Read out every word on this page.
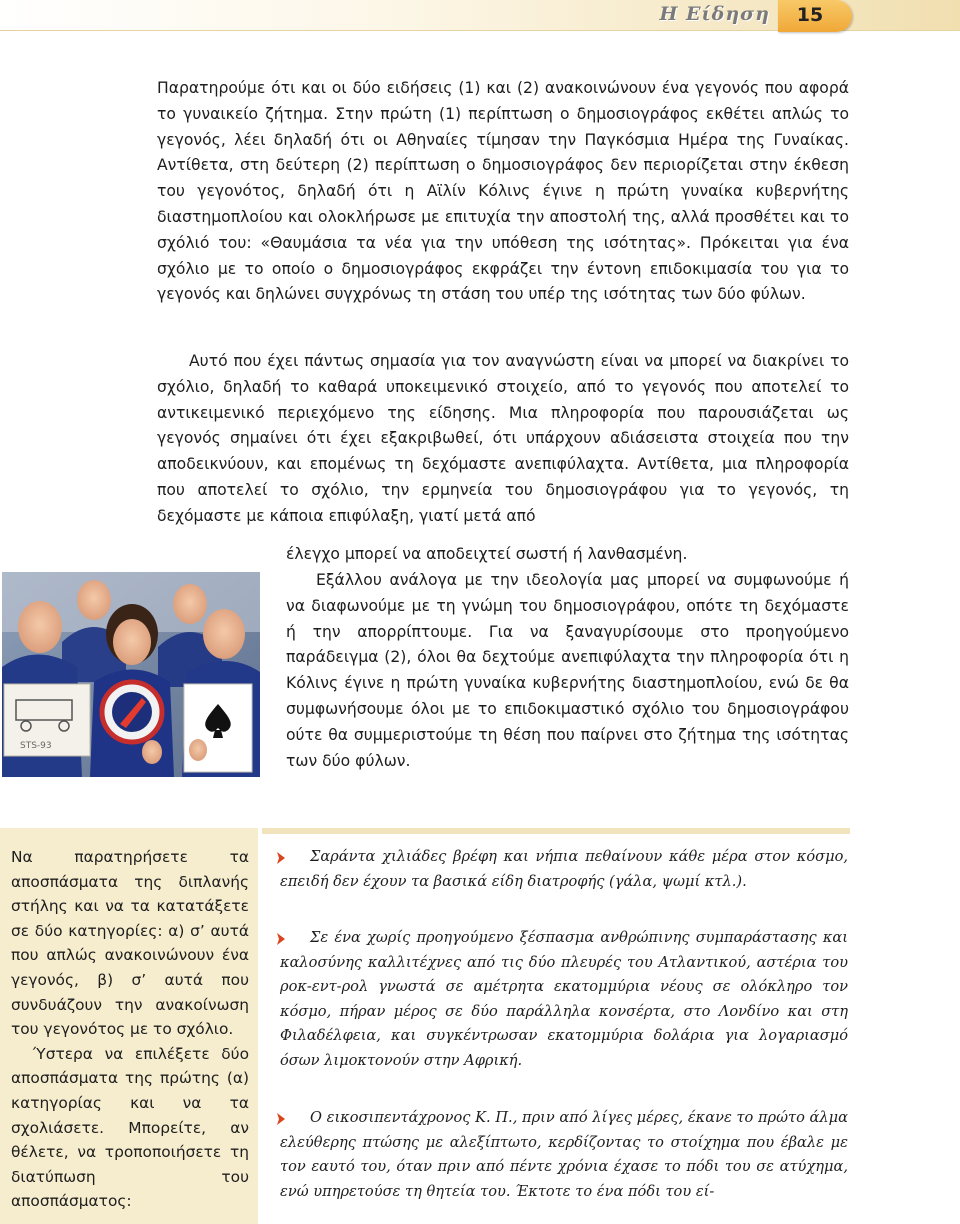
Η Είδηση	15

Παρατηρούμε ότι και οι δύο ειδήσεις (1) και (2) ανακοινώνουν ένα γεγονός που αφορά το γυναικείο ζήτημα. Στην πρώτη (1) περίπτωση ο δημοσιογράφος εκθέτει απλώς το γεγονός, λέει δηλαδή ότι οι Αθηναίες τίμησαν την Παγκόσμια Ημέρα της Γυναίκας. Αντίθετα, στη δεύτερη (2) περίπτωση ο δημοσιογράφος δεν περιορίζεται στην έκθεση του γεγονότος, δηλαδή ότι η Αϊλίν Κόλινς έγινε η πρώτη γυναίκα κυβερνήτης διαστημοπλοίου και ολοκλήρωσε με επιτυχία την αποστολή της, αλλά προσθέτει και το σχόλιό του: «Θαυμάσια τα νέα για την υπόθεση της ισότητας». Πρόκειται για ένα σχόλιο με το οποίο ο δημοσιογράφος εκφράζει την έντονη επιδοκιμασία του για το γεγονός και δηλώνει συγχρόνως τη στάση του υπέρ της ισότητας των δύο φύλων.

Αυτό που έχει πάντως σημασία για τον αναγνώστη είναι να μπορεί να διακρίνει το σχόλιο, δηλαδή το καθαρά υποκειμενικό στοιχείο, από το γεγονός που αποτελεί το αντικειμενικό περιεχόμενο της είδησης. Μια πληροφορία που παρουσιάζεται ως γεγονός σημαίνει ότι έχει εξακριβωθεί, ότι υπάρχουν αδιάσειστα στοιχεία που την αποδεικνύουν, και επομένως τη δεχόμαστε ανεπιφύλαχτα. Αντίθετα, μια πληροφορία που αποτελεί το σχόλιο, την ερμηνεία του δημοσιογράφου για το γεγονός, τη δεχόμαστε με κάποια επιφύλαξη, γιατί μετά από

έλεγχο μπορεί να αποδειχτεί σωστή ή λανθασμένη.

Εξάλλου ανάλογα με την ιδεολογία μας μπορεί να συμφωνούμε ή να διαφωνούμε με τη γνώμη του δημοσιογράφου, οπότε τη δεχόμαστε ή την απορρίπτουμε. Για να ξαναγυρίσουμε στο προηγούμενο παράδειγμα (2), όλοι θα δεχτούμε ανεπιφύλαχτα την πληροφορία ότι η Κόλινς έγινε η πρώτη γυναίκα κυβερνήτης διαστημοπλοίου, ενώ δε θα συμφωνήσουμε όλοι με το επιδοκιμαστικό σχόλιο του δημοσιογράφου ούτε θα συμμεριστούμε τη θέση που παίρνει στο ζήτημα της ισότητας των δύο φύλων.

STS-93

Να παρατηρήσετε τα αποσπάσματα της διπλανής στήλης και να τα κατατάξετε σε δύο κατηγορίες: α) σ’ αυτά που απλώς ανακοινώνουν ένα γεγονός, β) σ’ αυτά που συνδυάζουν την ανακοίνωση του γεγονότος με το σχόλιο.

Ύστερα να επιλέξετε δύο αποσπάσματα της πρώτης (α) κατηγορίας και να τα σχολιάσετε. Μπορείτε, αν θέλετε, να τροποποιήσετε τη διατύπωση του αποσπάσματος:

Σαράντα χιλιάδες βρέφη και νήπια πεθαίνουν κάθε μέρα στον κόσμο, επειδή δεν έχουν τα βασικά είδη διατροφής (γάλα, ψωμί κτλ.).

Σε ένα χωρίς προηγούμενο ξέσπασμα ανθρώπινης συμπαράστασης και καλοσύνης καλλιτέχνες από τις δύο πλευρές του Ατλαντικού, αστέρια του ροκ-εντ-ρολ γνωστά σε αμέτρητα εκατομμύρια νέους σε ολόκληρο τον κόσμο, πήραν μέρος σε δύο παράλληλα κονσέρτα, στο Λονδίνο και στη Φιλαδέλφεια, και συγκέντρωσαν εκατομμύρια δολάρια για λογαριασμό όσων λιμοκτονούν στην Αφρική.

Ο εικοσιπεντάχρονος Κ. Π., πριν από λίγες μέρες, έκανε το πρώτο άλμα ελεύθερης πτώσης με αλεξίπτωτο, κερδίζοντας το στοίχημα που έβαλε με τον εαυτό του, όταν πριν από πέντε χρόνια έχασε το πόδι του σε ατύχημα, ενώ υπηρετούσε τη θητεία του. Έκτοτε το ένα πόδι του εί-
